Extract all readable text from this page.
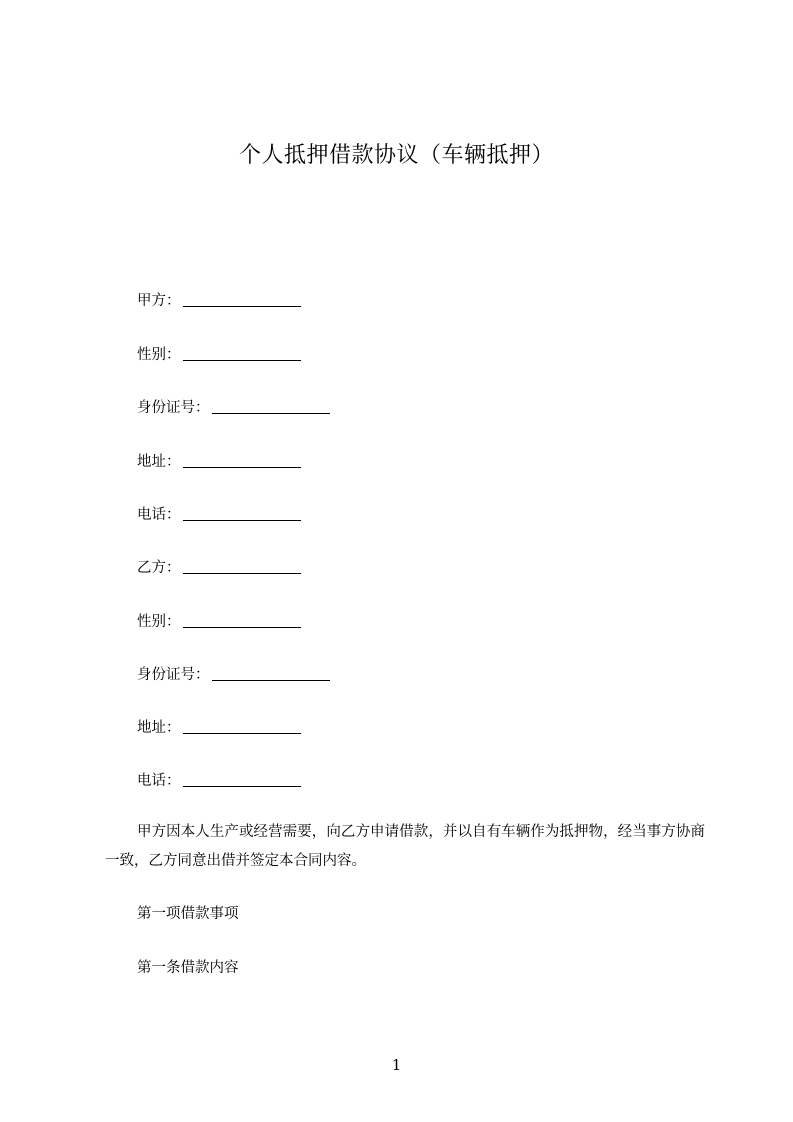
个人抵押借款协议（车辆抵押）
甲方：
性别：
身份证号：
地址：
电话：
乙方：
性别：
身份证号：
地址：
电话：
甲方因本人生产或经营需要，向乙方申请借款，并以自有车辆作为抵押物，经当事方协商一致，乙方同意出借并签定本合同内容。
第一项借款事项
第一条借款内容
1
